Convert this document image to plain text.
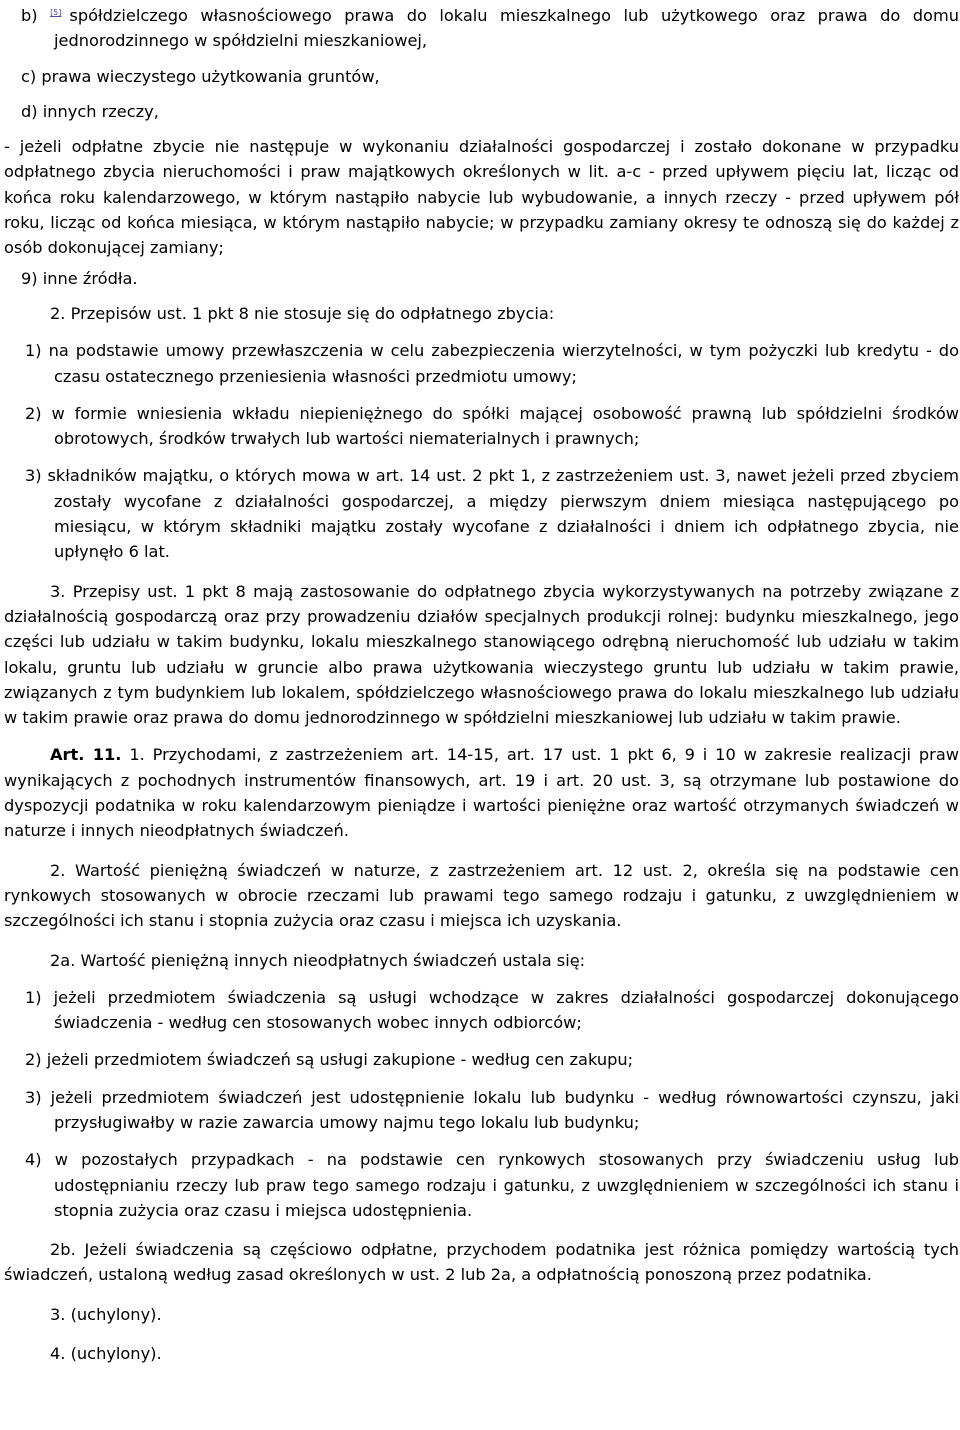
b) [5] spółdzielczego własnościowego prawa do lokalu mieszkalnego lub użytkowego oraz prawa do domu jednorodzinnego w spółdzielni mieszkaniowej,

c) prawa wieczystego użytkowania gruntów,

d) innych rzeczy,

- jeżeli odpłatne zbycie nie następuje w wykonaniu działalności gospodarczej i zostało dokonane w przypadku odpłatnego zbycia nieruchomości i praw majątkowych określonych w lit. a-c - przed upływem pięciu lat, licząc od końca roku kalendarzowego, w którym nastąpiło nabycie lub wybudowanie, a innych rzeczy - przed upływem pół roku, licząc od końca miesiąca, w którym nastąpiło nabycie; w przypadku zamiany okresy te odnoszą się do każdej z osób dokonującej zamiany;

9) inne źródła.

2. Przepisów ust. 1 pkt 8 nie stosuje się do odpłatnego zbycia:

1) na podstawie umowy przewłaszczenia w celu zabezpieczenia wierzytelności, w tym pożyczki lub kredytu - do czasu ostatecznego przeniesienia własności przedmiotu umowy;

2) w formie wniesienia wkładu niepieniężnego do spółki mającej osobowość prawną lub spółdzielni środków obrotowych, środków trwałych lub wartości niematerialnych i prawnych;

3) składników majątku, o których mowa w art. 14 ust. 2 pkt 1, z zastrzeżeniem ust. 3, nawet jeżeli przed zbyciem zostały wycofane z działalności gospodarczej, a między pierwszym dniem miesiąca następującego po miesiącu, w którym składniki majątku zostały wycofane z działalności i dniem ich odpłatnego zbycia, nie upłynęło 6 lat.

3. Przepisy ust. 1 pkt 8 mają zastosowanie do odpłatnego zbycia wykorzystywanych na potrzeby związane z działalnością gospodarczą oraz przy prowadzeniu działów specjalnych produkcji rolnej: budynku mieszkalnego, jego części lub udziału w takim budynku, lokalu mieszkalnego stanowiącego odrębną nieruchomość lub udziału w takim lokalu, gruntu lub udziału w gruncie albo prawa użytkowania wieczystego gruntu lub udziału w takim prawie, związanych z tym budynkiem lub lokalem, spółdzielczego własnościowego prawa do lokalu mieszkalnego lub udziału w takim prawie oraz prawa do domu jednorodzinnego w spółdzielni mieszkaniowej lub udziału w takim prawie.

Art. 11. 1. Przychodami, z zastrzeżeniem art. 14-15, art. 17 ust. 1 pkt 6, 9 i 10 w zakresie realizacji praw wynikających z pochodnych instrumentów finansowych, art. 19 i art. 20 ust. 3, są otrzymane lub postawione do dyspozycji podatnika w roku kalendarzowym pieniądze i wartości pieniężne oraz wartość otrzymanych świadczeń w naturze i innych nieodpłatnych świadczeń.

2. Wartość pieniężną świadczeń w naturze, z zastrzeżeniem art. 12 ust. 2, określa się na podstawie cen rynkowych stosowanych w obrocie rzeczami lub prawami tego samego rodzaju i gatunku, z uwzględnieniem w szczególności ich stanu i stopnia zużycia oraz czasu i miejsca ich uzyskania.

2a. Wartość pieniężną innych nieodpłatnych świadczeń ustala się:

1) jeżeli przedmiotem świadczenia są usługi wchodzące w zakres działalności gospodarczej dokonującego świadczenia - według cen stosowanych wobec innych odbiorców;

2) jeżeli przedmiotem świadczeń są usługi zakupione - według cen zakupu;

3) jeżeli przedmiotem świadczeń jest udostępnienie lokalu lub budynku - według równowartości czynszu, jaki przysługiwałby w razie zawarcia umowy najmu tego lokalu lub budynku;

4) w pozostałych przypadkach - na podstawie cen rynkowych stosowanych przy świadczeniu usług lub udostępnianiu rzeczy lub praw tego samego rodzaju i gatunku, z uwzględnieniem w szczególności ich stanu i stopnia zużycia oraz czasu i miejsca udostępnienia.

2b. Jeżeli świadczenia są częściowo odpłatne, przychodem podatnika jest różnica pomiędzy wartością tych świadczeń, ustaloną według zasad określonych w ust. 2 lub 2a, a odpłatnością ponoszoną przez podatnika.

3. (uchylony).

4. (uchylony).
